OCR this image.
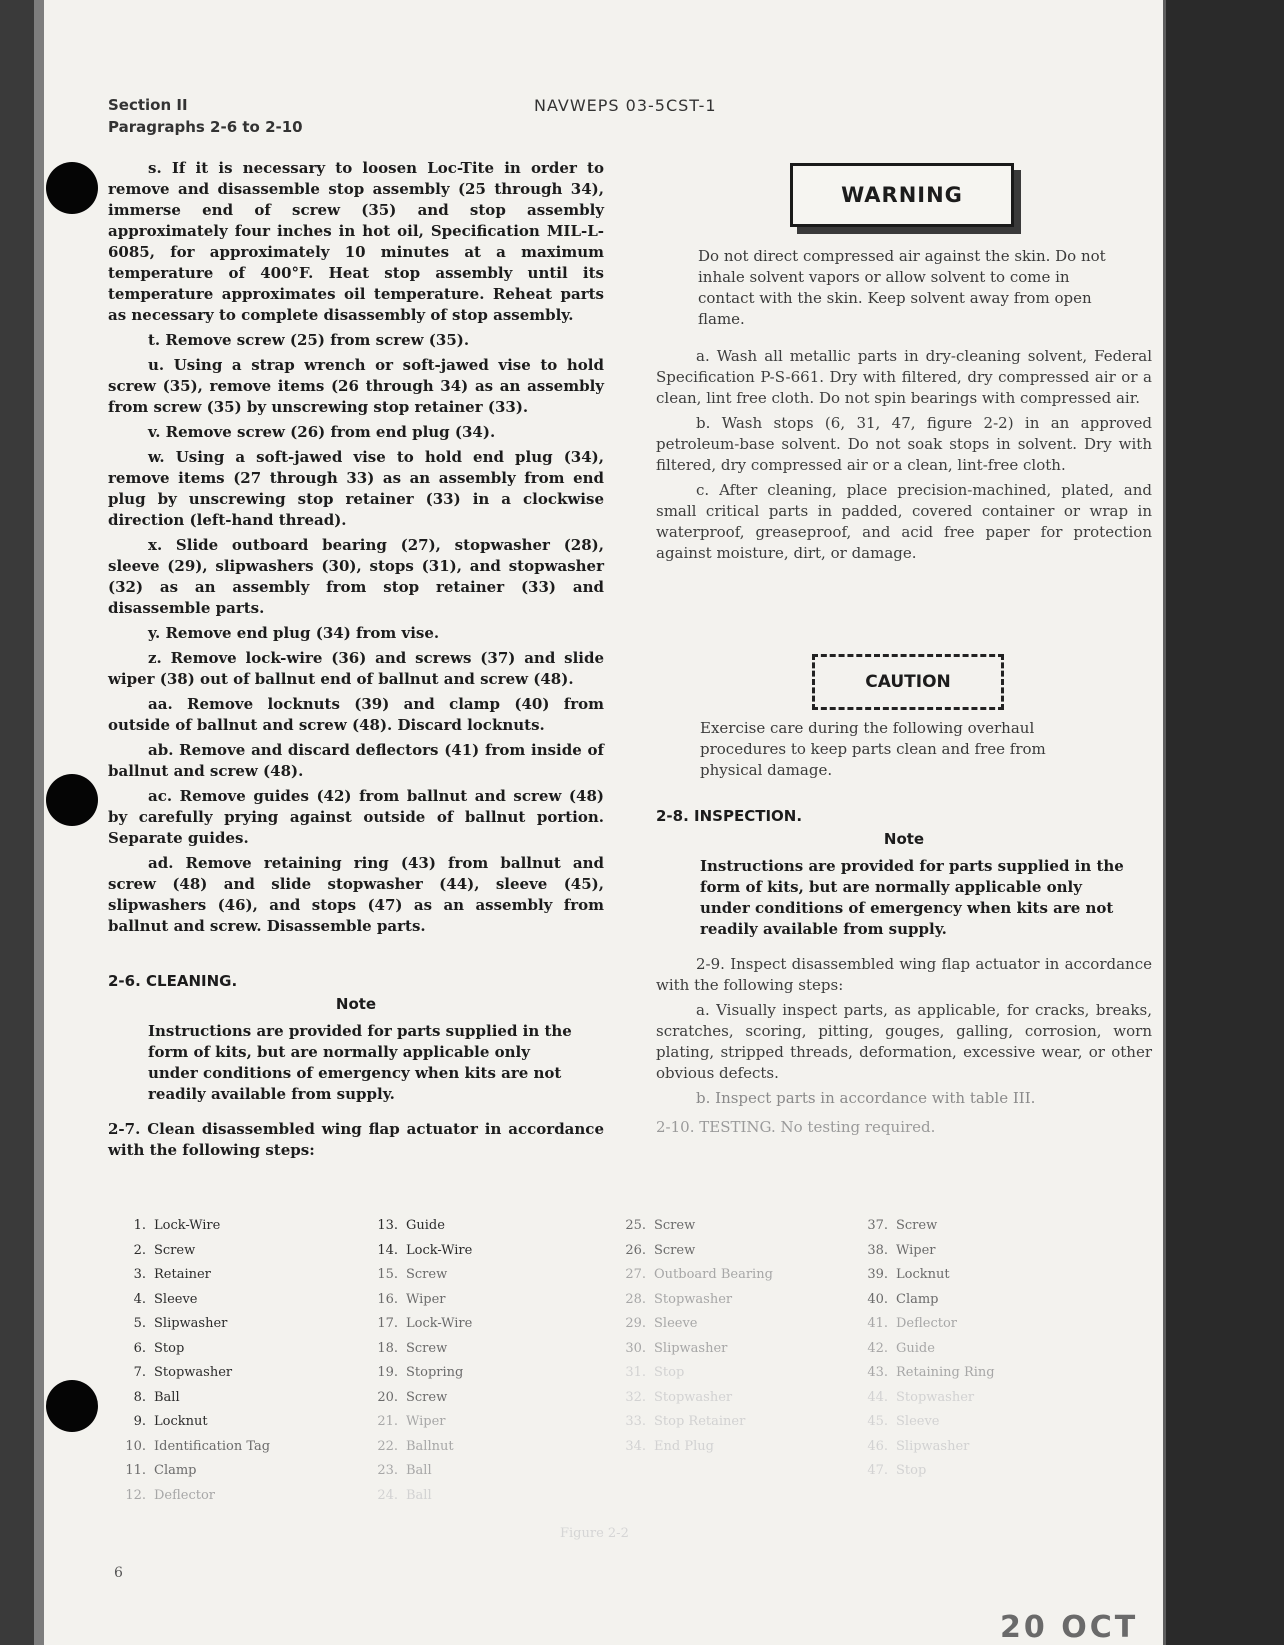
Section II
Paragraphs 2-6 to 2-10
NAVWEPS 03-5CST-1

s. If it is necessary to loosen Loc-Tite in order to remove and disassemble stop assembly (25 through 34), immerse end of screw (35) and stop assembly approximately four inches in hot oil, Specification MIL-L-6085, for approximately 10 minutes at a maximum temperature of 400°F. Heat stop assembly until its temperature approximates oil temperature. Reheat parts as necessary to complete disassembly of stop assembly.

t. Remove screw (25) from screw (35).

u. Using a strap wrench or soft-jawed vise to hold screw (35), remove items (26 through 34) as an assembly from screw (35) by unscrewing stop retainer (33).

v. Remove screw (26) from end plug (34).

w. Using a soft-jawed vise to hold end plug (34), remove items (27 through 33) as an assembly from end plug by unscrewing stop retainer (33) in a clockwise direction (left-hand thread).

x. Slide outboard bearing (27), stopwasher (28), sleeve (29), slipwashers (30), stops (31), and stopwasher (32) as an assembly from stop retainer (33) and disassemble parts.

y. Remove end plug (34) from vise.

z. Remove lock-wire (36) and screws (37) and slide wiper (38) out of ballnut end of ballnut and screw (48).

aa. Remove locknuts (39) and clamp (40) from outside of ballnut and screw (48). Discard locknuts.

ab. Remove and discard deflectors (41) from inside of ballnut and screw (48).

ac. Remove guides (42) from ballnut and screw (48) by carefully prying against outside of ballnut portion. Separate guides.

ad. Remove retaining ring (43) from ballnut and screw (48) and slide stopwasher (44), sleeve (45), slipwashers (46), and stops (47) as an assembly from ballnut and screw. Disassemble parts.

2-6. CLEANING.

Note

Instructions are provided for parts supplied in the form of kits, but are normally applicable only under conditions of emergency when kits are not readily available from supply.

2-7. Clean disassembled wing flap actuator in accordance with the following steps:

WARNING
Do not direct compressed air against the skin. Do not inhale solvent vapors or allow solvent to come in contact with the skin. Keep solvent away from open flame.

a. Wash all metallic parts in dry-cleaning solvent, Federal Specification P-S-661. Dry with filtered, dry compressed air or a clean, lint free cloth. Do not spin bearings with compressed air.

b. Wash stops (6, 31, 47, figure 2-2) in an approved petroleum-base solvent. Do not soak stops in solvent. Dry with filtered, dry compressed air or a clean, lint-free cloth.

c. After cleaning, place precision-machined, plated, and small critical parts in padded, covered container or wrap in waterproof, greaseproof, and acid free paper for protection against moisture, dirt, or damage.

CAUTION
Exercise care during the following overhaul procedures to keep parts clean and free from physical damage.

2-8. INSPECTION.

Note

Instructions are provided for parts supplied in the form of kits, but are normally applicable only under conditions of emergency when kits are not readily available from supply.

2-9. Inspect disassembled wing flap actuator in accordance with the following steps:

a. Visually inspect parts, as applicable, for cracks, breaks, scratches, scoring, pitting, gouges, galling, corrosion, worn plating, stripped threads, deformation, excessive wear, or other obvious defects.

b. Inspect parts in accordance with table III.

2-10. TESTING. No testing required.

1. Lock-Wire
2. Screw
3. Retainer
4. Sleeve
5. Slipwasher
6. Stop
7. Stopwasher
8. Ball
9. Locknut
10. Identification Tag
11. Clamp
12. Deflector
13. Guide
14. Lock-Wire
15. Screw
16. Wiper
17. Lock-Wire
18. Screw
19. Stopring
20. Screw
21. Wiper
22. Ballnut
23. Ball
24. Ball
25. Screw
26. Screw
27. Outboard Bearing
28. Stopwasher
29. Sleeve
30. Slipwasher
31. Stop
32. Stopwasher
33. Stop Retainer
34. End Plug
37. Screw
38. Wiper
39. Locknut
40. Clamp
41. Deflector
42. Guide
43. Retaining Ring
44. Stopwasher
45. Sleeve
46. Slipwasher
47. Stop
Figure 2-2
6
20 OCT
